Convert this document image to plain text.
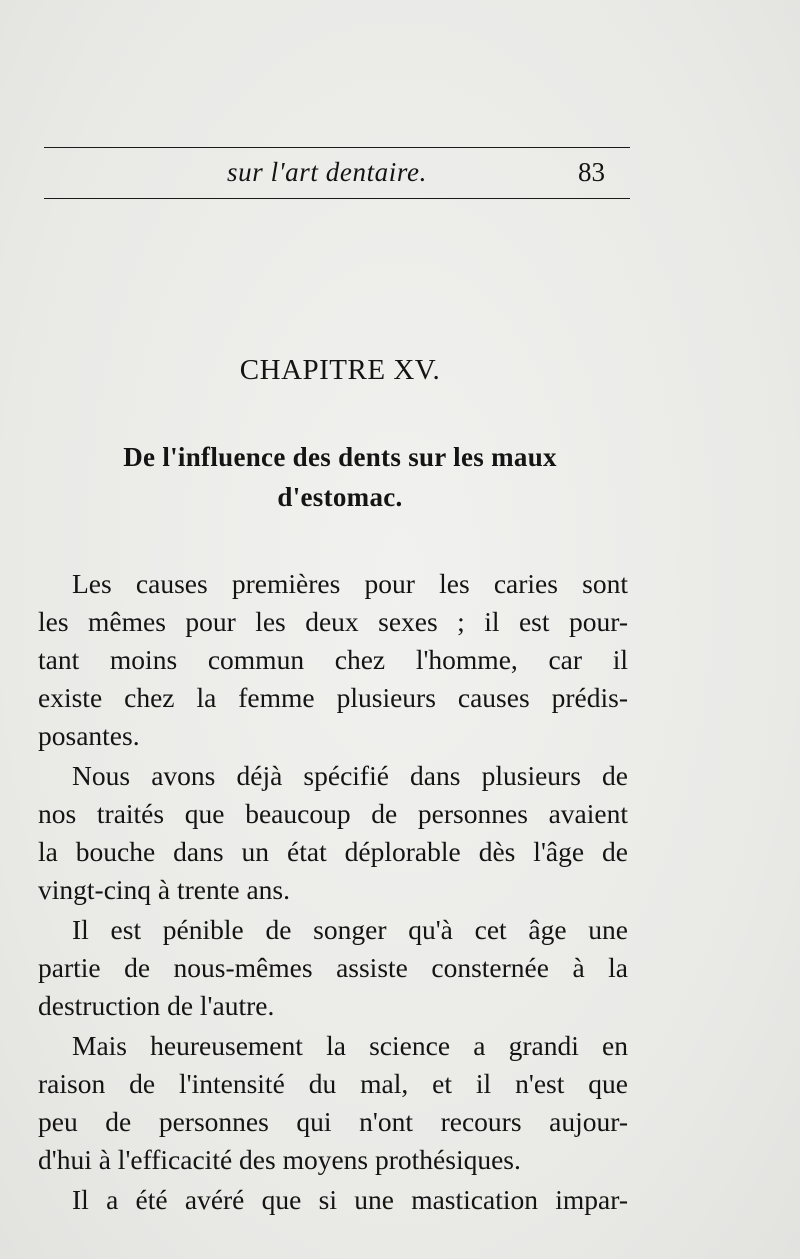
sur l'art dentaire.	83
CHAPITRE XV.
De l'influence des dents sur les maux
d'estomac.
Les causes premières pour les caries sont
les mêmes pour les deux sexes ; il est pour-
tant moins commun chez l'homme, car il
existe chez la femme plusieurs causes prédis-
posantes.
Nous avons déjà spécifié dans plusieurs de
nos traités que beaucoup de personnes avaient
la bouche dans un état déplorable dès l'âge de
vingt-cinq à trente ans.
Il est pénible de songer qu'à cet âge une
partie de nous-mêmes assiste consternée à la
destruction de l'autre.
Mais heureusement la science a grandi en
raison de l'intensité du mal, et il n'est que
peu de personnes qui n'ont recours aujour-
d'hui à l'efficacité des moyens prothésiques.
Il a été avéré que si une mastication impar-
